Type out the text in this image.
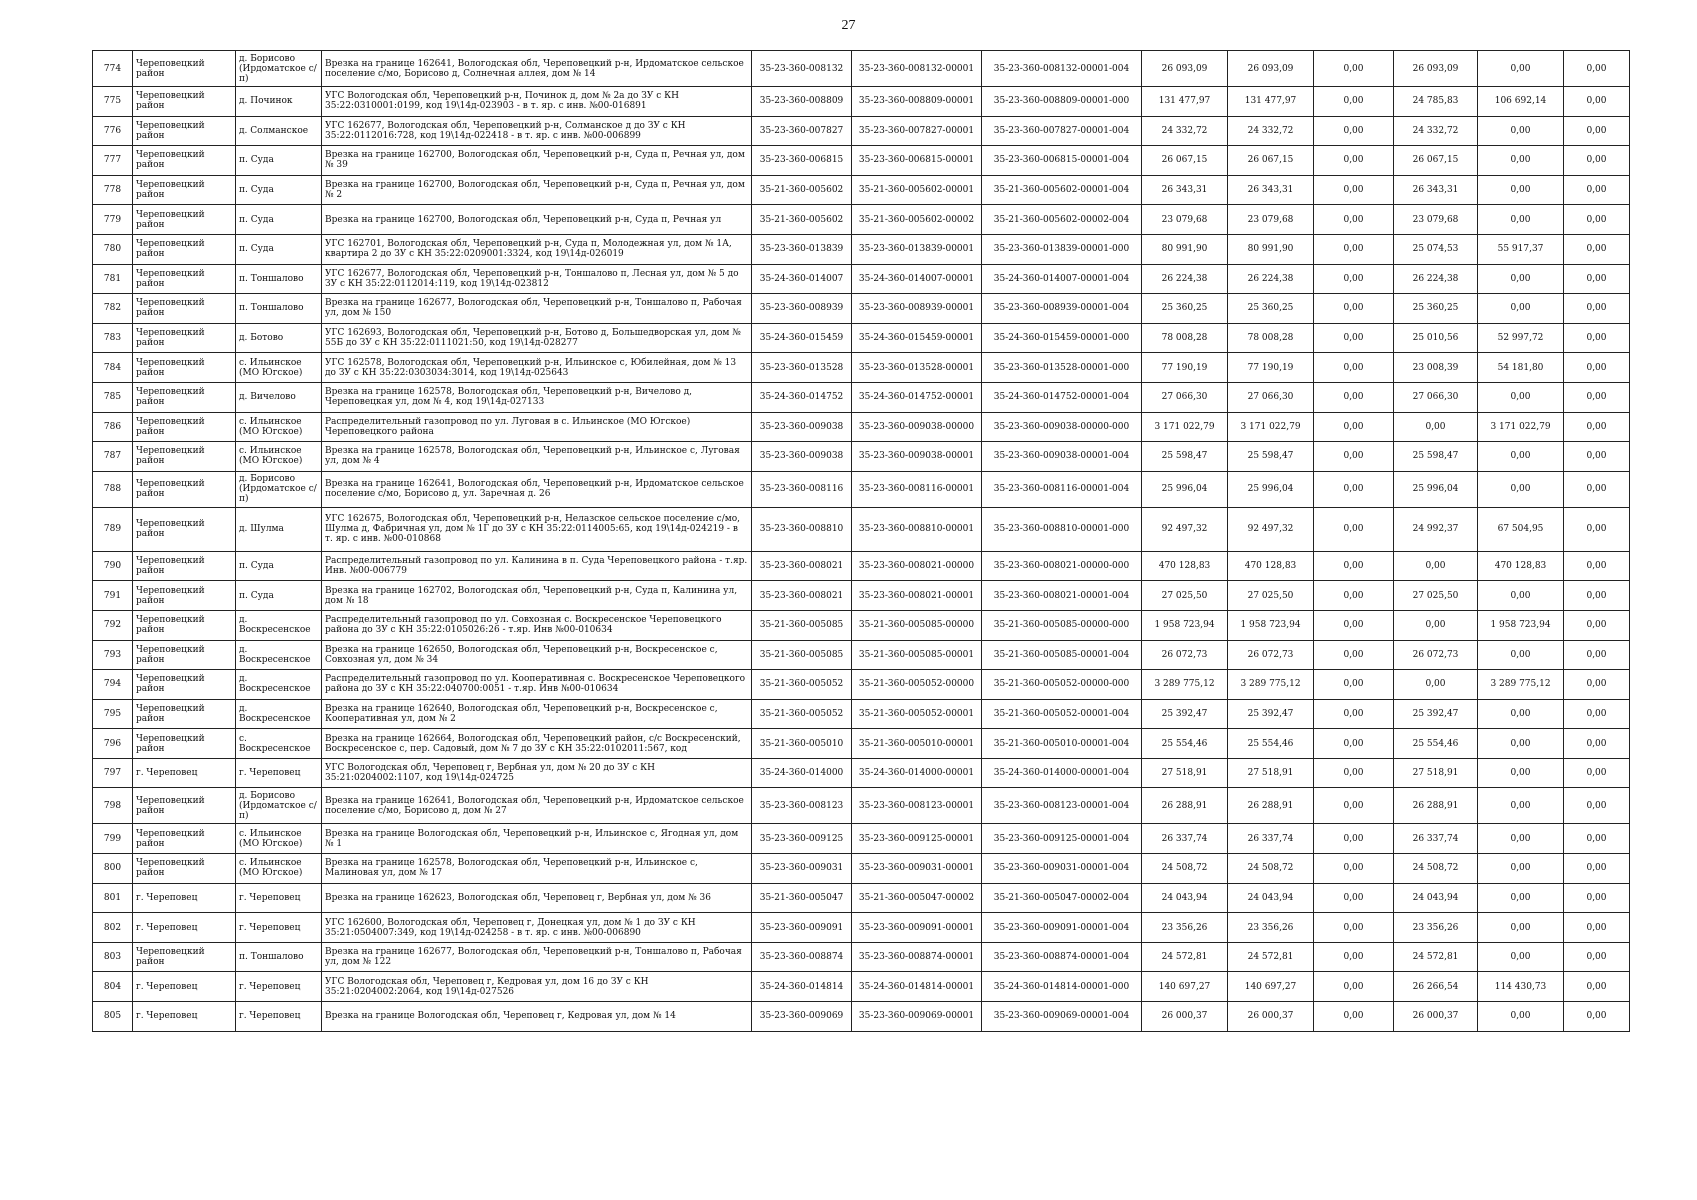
27
774	Череповецкий район	д. Борисово (Ирдоматское с/п)	Врезка на границе 162641, Вологодская обл, Череповецкий р-н, Ирдоматское сельское поселение с/мо, Борисово д, Солнечная аллея, дом № 14	35-23-360-008132	35-23-360-008132-00001	35-23-360-008132-00001-004	26 093,09	26 093,09	0,00	26 093,09	0,00	0,00
775	Череповецкий район	д. Починок	УГС Вологодская обл, Череповецкий р-н, Починок д, дом № 2а до ЗУ с КН 35:22:0310001:0199, код 19\14д-023903 - в т. яр. с инв. №00-016891	35-23-360-008809	35-23-360-008809-00001	35-23-360-008809-00001-000	131 477,97	131 477,97	0,00	24 785,83	106 692,14	0,00
776	Череповецкий район	д. Солманское	УГС 162677, Вологодская обл, Череповецкий р-н, Солманское д до ЗУ с КН 35:22:0112016:728, код 19\14д-022418 - в т. яр. с инв. №00-006899	35-23-360-007827	35-23-360-007827-00001	35-23-360-007827-00001-004	24 332,72	24 332,72	0,00	24 332,72	0,00	0,00
777	Череповецкий район	п. Суда	Врезка на границе 162700, Вологодская обл, Череповецкий р-н, Суда п, Речная ул, дом № 39	35-23-360-006815	35-23-360-006815-00001	35-23-360-006815-00001-004	26 067,15	26 067,15	0,00	26 067,15	0,00	0,00
778	Череповецкий район	п. Суда	Врезка на границе 162700, Вологодская обл, Череповецкий р-н, Суда п, Речная ул, дом № 2	35-21-360-005602	35-21-360-005602-00001	35-21-360-005602-00001-004	26 343,31	26 343,31	0,00	26 343,31	0,00	0,00
779	Череповецкий район	п. Суда	Врезка на границе 162700, Вологодская обл, Череповецкий р-н, Суда п, Речная ул	35-21-360-005602	35-21-360-005602-00002	35-21-360-005602-00002-004	23 079,68	23 079,68	0,00	23 079,68	0,00	0,00
780	Череповецкий район	п. Суда	УГС 162701, Вологодская обл, Череповецкий р-н, Суда п, Молодежная ул, дом № 1А, квартира 2 до ЗУ с КН 35:22:0209001:3324, код 19\14д-026019	35-23-360-013839	35-23-360-013839-00001	35-23-360-013839-00001-000	80 991,90	80 991,90	0,00	25 074,53	55 917,37	0,00
781	Череповецкий район	п. Тоншалово	УГС 162677, Вологодская обл, Череповецкий р-н, Тоншалово п, Лесная ул, дом № 5 до ЗУ с КН 35:22:0112014:119, код 19\14д-023812	35-24-360-014007	35-24-360-014007-00001	35-24-360-014007-00001-004	26 224,38	26 224,38	0,00	26 224,38	0,00	0,00
782	Череповецкий район	п. Тоншалово	Врезка на границе 162677, Вологодская обл, Череповецкий р-н, Тоншалово п, Рабочая ул, дом № 150	35-23-360-008939	35-23-360-008939-00001	35-23-360-008939-00001-004	25 360,25	25 360,25	0,00	25 360,25	0,00	0,00
783	Череповецкий район	д. Ботово	УГС 162693, Вологодская обл, Череповецкий р-н, Ботово д, Большедворская ул, дом № 55Б до ЗУ с КН 35:22:0111021:50, код 19\14д-028277	35-24-360-015459	35-24-360-015459-00001	35-24-360-015459-00001-000	78 008,28	78 008,28	0,00	25 010,56	52 997,72	0,00
784	Череповецкий район	с. Ильинское (МО Югское)	УГС 162578, Вологодская обл, Череповецкий р-н, Ильинское с, Юбилейная, дом № 13 до ЗУ с КН 35:22:0303034:3014, код 19\14д-025643	35-23-360-013528	35-23-360-013528-00001	35-23-360-013528-00001-000	77 190,19	77 190,19	0,00	23 008,39	54 181,80	0,00
785	Череповецкий район	д. Вичелово	Врезка на границе 162578, Вологодская обл, Череповецкий р-н, Вичелово д, Череповецкая ул, дом № 4, код 19\14д-027133	35-24-360-014752	35-24-360-014752-00001	35-24-360-014752-00001-004	27 066,30	27 066,30	0,00	27 066,30	0,00	0,00
786	Череповецкий район	с. Ильинское (МО Югское)	Распределительный газопровод по ул. Луговая в с. Ильинское (МО Югское) Череповецкого района	35-23-360-009038	35-23-360-009038-00000	35-23-360-009038-00000-000	3 171 022,79	3 171 022,79	0,00	0,00	3 171 022,79	0,00
787	Череповецкий район	с. Ильинское (МО Югское)	Врезка на границе 162578, Вологодская обл, Череповецкий р-н, Ильинское с, Луговая ул, дом № 4	35-23-360-009038	35-23-360-009038-00001	35-23-360-009038-00001-004	25 598,47	25 598,47	0,00	25 598,47	0,00	0,00
788	Череповецкий район	д. Борисово (Ирдоматское с/п)	Врезка на границе 162641, Вологодская обл, Череповецкий р-н, Ирдоматское сельское поселение с/мо, Борисово д, ул. Заречная д. 26	35-23-360-008116	35-23-360-008116-00001	35-23-360-008116-00001-004	25 996,04	25 996,04	0,00	25 996,04	0,00	0,00
789	Череповецкий район	д. Шулма	УГС 162675, Вологодская обл, Череповецкий р-н, Нелазское сельское поселение с/мо, Шулма д, Фабричная ул, дом № 1Г до ЗУ с КН 35:22:0114005:65, код 19\14д-024219 - в т. яр. с инв. №00-010868	35-23-360-008810	35-23-360-008810-00001	35-23-360-008810-00001-000	92 497,32	92 497,32	0,00	24 992,37	67 504,95	0,00
790	Череповецкий район	п. Суда	Распределительный газопровод по ул. Калинина в п. Суда Череповецкого района - т.яр. Инв. №00-006779	35-23-360-008021	35-23-360-008021-00000	35-23-360-008021-00000-000	470 128,83	470 128,83	0,00	0,00	470 128,83	0,00
791	Череповецкий район	п. Суда	Врезка на границе 162702, Вологодская обл, Череповецкий р-н, Суда п, Калинина ул, дом № 18	35-23-360-008021	35-23-360-008021-00001	35-23-360-008021-00001-004	27 025,50	27 025,50	0,00	27 025,50	0,00	0,00
792	Череповецкий район	д. Воскресенское	Распределительный газопровод по ул. Совхозная с. Воскресенское Череповецкого района до ЗУ с КН 35:22:0105026:26 - т.яр. Инв №00-010634	35-21-360-005085	35-21-360-005085-00000	35-21-360-005085-00000-000	1 958 723,94	1 958 723,94	0,00	0,00	1 958 723,94	0,00
793	Череповецкий район	д. Воскресенское	Врезка на границе 162650, Вологодская обл, Череповецкий р-н, Воскресенское с, Совхозная ул, дом № 34	35-21-360-005085	35-21-360-005085-00001	35-21-360-005085-00001-004	26 072,73	26 072,73	0,00	26 072,73	0,00	0,00
794	Череповецкий район	д. Воскресенское	Распределительный газопровод по ул. Кооперативная с. Воскресенское Череповецкого района до ЗУ с КН 35:22:040700:0051 - т.яр. Инв №00-010634	35-21-360-005052	35-21-360-005052-00000	35-21-360-005052-00000-000	3 289 775,12	3 289 775,12	0,00	0,00	3 289 775,12	0,00
795	Череповецкий район	д. Воскресенское	Врезка на границе 162640, Вологодская обл, Череповецкий р-н, Воскресенское с, Кооперативная ул, дом № 2	35-21-360-005052	35-21-360-005052-00001	35-21-360-005052-00001-004	25 392,47	25 392,47	0,00	25 392,47	0,00	0,00
796	Череповецкий район	с. Воскресенское	Врезка на границе 162664, Вологодская обл, Череповецкий район, с/с Воскресенский, Воскресенское с, пер. Садовый, дом № 7 до ЗУ с КН 35:22:0102011:567, код	35-21-360-005010	35-21-360-005010-00001	35-21-360-005010-00001-004	25 554,46	25 554,46	0,00	25 554,46	0,00	0,00
797	г. Череповец	г. Череповец	УГС Вологодская обл, Череповец г, Вербная ул, дом № 20 до ЗУ с КН 35:21:0204002:1107, код 19\14д-024725	35-24-360-014000	35-24-360-014000-00001	35-24-360-014000-00001-004	27 518,91	27 518,91	0,00	27 518,91	0,00	0,00
798	Череповецкий район	д. Борисово (Ирдоматское с/п)	Врезка на границе 162641, Вологодская обл, Череповецкий р-н, Ирдоматское сельское поселение с/мо, Борисово д, дом № 27	35-23-360-008123	35-23-360-008123-00001	35-23-360-008123-00001-004	26 288,91	26 288,91	0,00	26 288,91	0,00	0,00
799	Череповецкий район	с. Ильинское (МО Югское)	Врезка на границе Вологодская обл, Череповецкий р-н, Ильинское с, Ягодная ул, дом № 1	35-23-360-009125	35-23-360-009125-00001	35-23-360-009125-00001-004	26 337,74	26 337,74	0,00	26 337,74	0,00	0,00
800	Череповецкий район	с. Ильинское (МО Югское)	Врезка на границе 162578, Вологодская обл, Череповецкий р-н, Ильинское с, Малиновая ул, дом № 17	35-23-360-009031	35-23-360-009031-00001	35-23-360-009031-00001-004	24 508,72	24 508,72	0,00	24 508,72	0,00	0,00
801	г. Череповец	г. Череповец	Врезка на границе 162623, Вологодская обл, Череповец г, Вербная ул, дом № 36	35-21-360-005047	35-21-360-005047-00002	35-21-360-005047-00002-004	24 043,94	24 043,94	0,00	24 043,94	0,00	0,00
802	г. Череповец	г. Череповец	УГС 162600, Вологодская обл, Череповец г, Донецкая ул, дом № 1 до ЗУ с КН 35:21:0504007:349, код 19\14д-024258 - в т. яр. с инв. №00-006890	35-23-360-009091	35-23-360-009091-00001	35-23-360-009091-00001-004	23 356,26	23 356,26	0,00	23 356,26	0,00	0,00
803	Череповецкий район	п. Тоншалово	Врезка на границе 162677, Вологодская обл, Череповецкий р-н, Тоншалово п, Рабочая ул, дом № 122	35-23-360-008874	35-23-360-008874-00001	35-23-360-008874-00001-004	24 572,81	24 572,81	0,00	24 572,81	0,00	0,00
804	г. Череповец	г. Череповец	УГС Вологодская обл, Череповец г, Кедровая ул, дом 16 до ЗУ с КН 35:21:0204002:2064, код 19\14д-027526	35-24-360-014814	35-24-360-014814-00001	35-24-360-014814-00001-000	140 697,27	140 697,27	0,00	26 266,54	114 430,73	0,00
805	г. Череповец	г. Череповец	Врезка на границе Вологодская обл, Череповец г, Кедровая ул, дом № 14	35-23-360-009069	35-23-360-009069-00001	35-23-360-009069-00001-004	26 000,37	26 000,37	0,00	26 000,37	0,00	0,00
